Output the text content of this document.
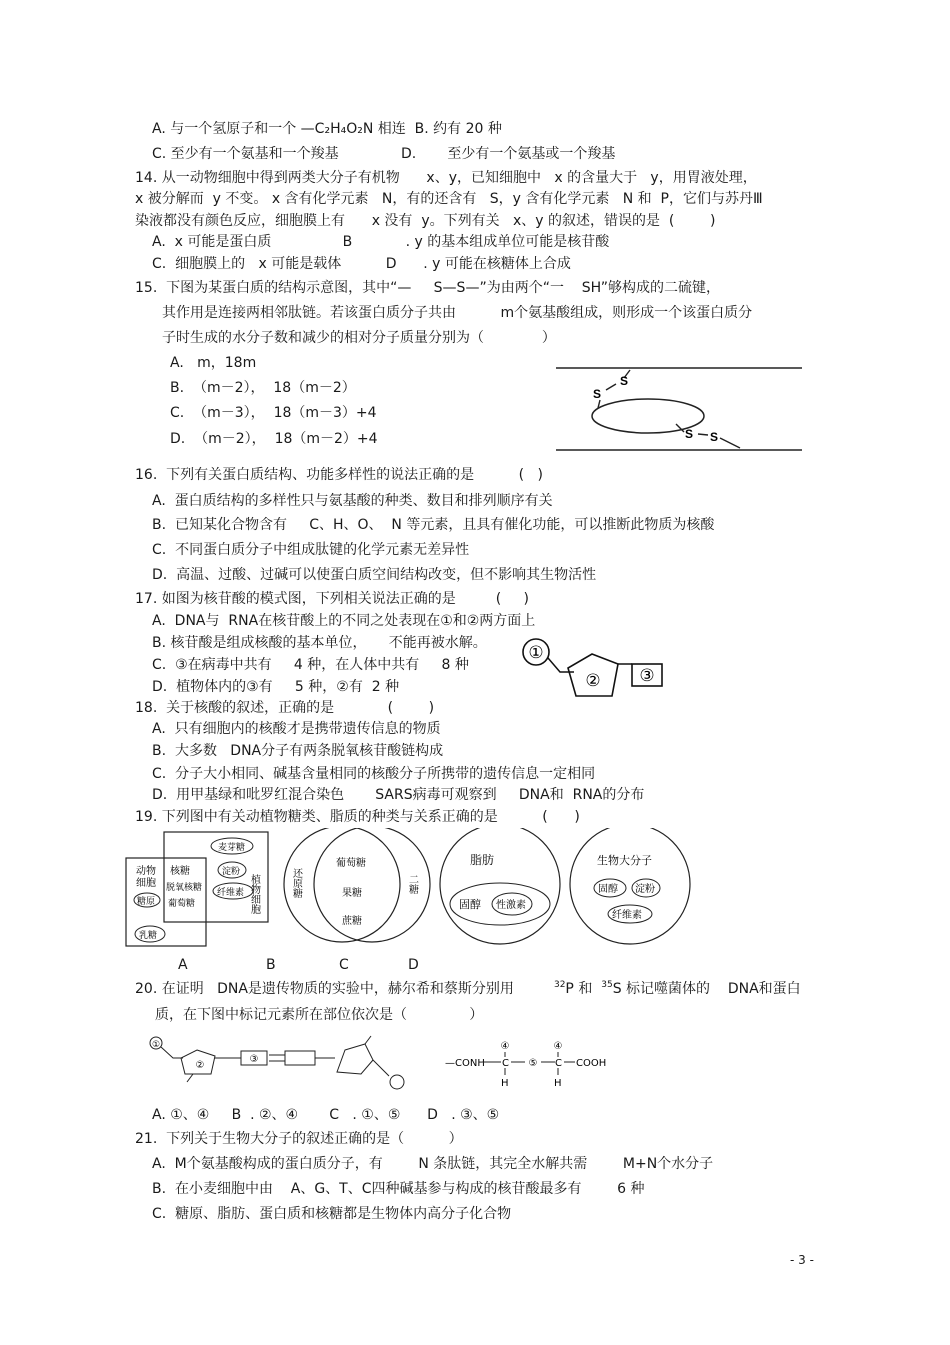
A. 与一个氢原子和一个 —C₂H₄O₂N 相连  B. 约有 20 种
C. 至少有一个氨基和一个羧基              D.       至少有一个氨基或一个羧基
14. 从一动物细胞中得到两类大分子有机物      x、y，已知细胞中   x 的含量大于   y，用胃液处理，
x 被分解而  y 不变。 x 含有化学元素   N，有的还含有   S，y 含有化学元素   N 和  P，它们与苏丹Ⅲ
染液都没有颜色反应，细胞膜上有      x 没有  y。下列有关   x、y 的叙述，错误的是  (        )
A.  x 可能是蛋白质                B            . y 的基本组成单位可能是核苷酸
C.  细胞膜上的   x 可能是载体          D      . y 可能在核糖体上合成
15.  下图为某蛋白质的结构示意图，其中“—     S—S—”为由两个“一    SH”够构成的二硫键，
其作用是连接两相邻肽链。若该蛋白质分子共由          m个氨基酸组成，则形成一个该蛋白质分
子时生成的水分子数和减少的相对分子质量分别为（             ）
A.   m，18m
B.  （m－2），  18（m－2）
C.  （m－3），  18（m－3）+4
D.  （m－2），  18（m－2）+4
S
S
S S
16.  下列有关蛋白质结构、功能多样性的说法正确的是          (   )
A.  蛋白质结构的多样性只与氨基酸的种类、数目和排列顺序有关
B.  已知某化合物含有     C、H、O、  N 等元素，且具有催化功能，可以推断此物质为核酸
C.  不同蛋白质分子中组成肽键的化学元素无差异性
D.  高温、过酸、过碱可以使蛋白质空间结构改变，但不影响其生物活性
17. 如图为核苷酸的模式图，下列相关说法正确的是         (     )
A.  DNA与  RNA在核苷酸上的不同之处表现在①和②两方面上
B. 核苷酸是组成核酸的基本单位，     不能再被水解。
C.  ③在病毒中共有     4 种，在人体中共有     8 种
D.  植物体内的③有     5 种，②有  2 种
①
② ③
18.  关于核酸的叙述，正确的是            (        )
A.  只有细胞内的核酸才是携带遗传信息的物质
B.  大多数   DNA分子有两条脱氧核苷酸链构成
C.  分子大小相同、碱基含量相同的核酸分子所携带的遗传信息一定相同
D.  用甲基绿和吡罗红混合染色       SARS病毒可观察到     DNA和  RNA的分布
19. 下列图中有关动植物糖类、脂质的种类与关系正确的是          (      )
动物
细胞
糖原
核糖
脱氧核糖
葡萄糖
麦芽糖
淀粉
纤维素 植物细胞
乳糖
还原糖
葡萄糖
果糖
蔗糖
二糖
脂肪
固醇 性激素
生物大分子
固醇 淀粉
纤维素
A	B	C	D
20. 在证明   DNA是遗传物质的实验中，赫尔希和蔡斯分别用	$^{32}$P 和 $^{35}$S 标记噬菌体的    DNA和蛋白
质，在下图中标记元素所在部位依次是（              ）
①
②
③	—CONH C
④
H
⑤ C
④
H
COOH
A. ①、④     B  . ②、④       C   . ①、⑤      D   . ③、⑤
21.  下列关于生物大分子的叙述正确的是（          ）
A.  M个氨基酸构成的蛋白质分子，有        N 条肽链，其完全水解共需        M+N个水分子
B.  在小麦细胞中由    A、G、T、C四种碱基参与构成的核苷酸最多有        6 种
C.  糖原、脂肪、蛋白质和核糖都是生物体内高分子化合物
- 3 -
